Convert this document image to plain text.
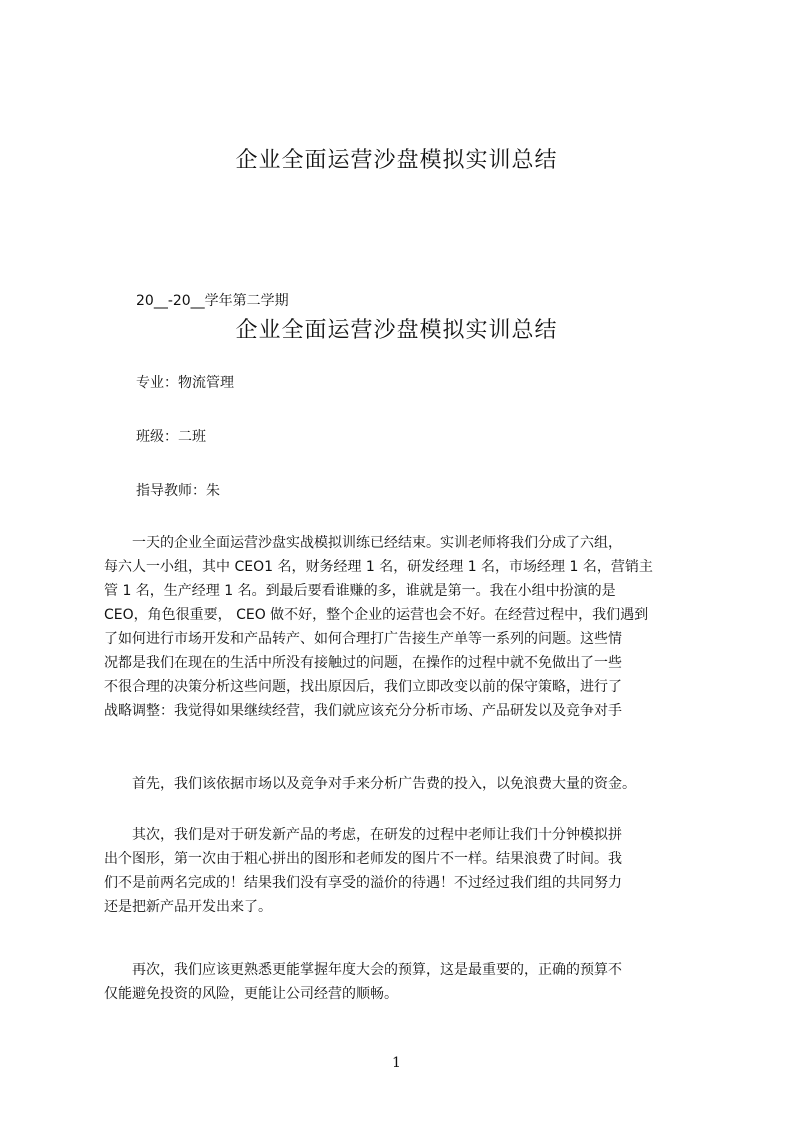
企业全面运营沙盘模拟实训总结
20__-20__学年第二学期
企业全面运营沙盘模拟实训总结
专业：物流管理
班级：二班
指导教师：朱
　　一天的企业全面运营沙盘实战模拟训练已经结束。实训老师将我们分成了六组，
每六人一小组，其中 CEO1 名，财务经理 1 名，研发经理 1 名，市场经理 1 名，营销主
管 1 名，生产经理 1 名。到最后要看谁赚的多，谁就是第一。我在小组中扮演的是
CEO，角色很重要， CEO 做不好，整个企业的运营也会不好。在经营过程中，我们遇到
了如何进行市场开发和产品转产、如何合理打广告接生产单等一系列的问题。这些情
况都是我们在现在的生活中所没有接触过的问题，在操作的过程中就不免做出了一些
不很合理的决策分析这些问题，找出原因后，我们立即改变以前的保守策略，进行了
战略调整：我觉得如果继续经营，我们就应该充分分析市场、产品研发以及竞争对手
　　首先，我们该依据市场以及竞争对手来分析广告费的投入，以免浪费大量的资金。
　　其次，我们是对于研发新产品的考虑，在研发的过程中老师让我们十分钟模拟拼
出个图形，第一次由于粗心拼出的图形和老师发的图片不一样。结果浪费了时间。我
们不是前两名完成的！结果我们没有享受的溢价的待遇！不过经过我们组的共同努力
还是把新产品开发出来了。
　　再次，我们应该更熟悉更能掌握年度大会的预算，这是最重要的，正确的预算不
仅能避免投资的风险，更能让公司经营的顺畅。
1
